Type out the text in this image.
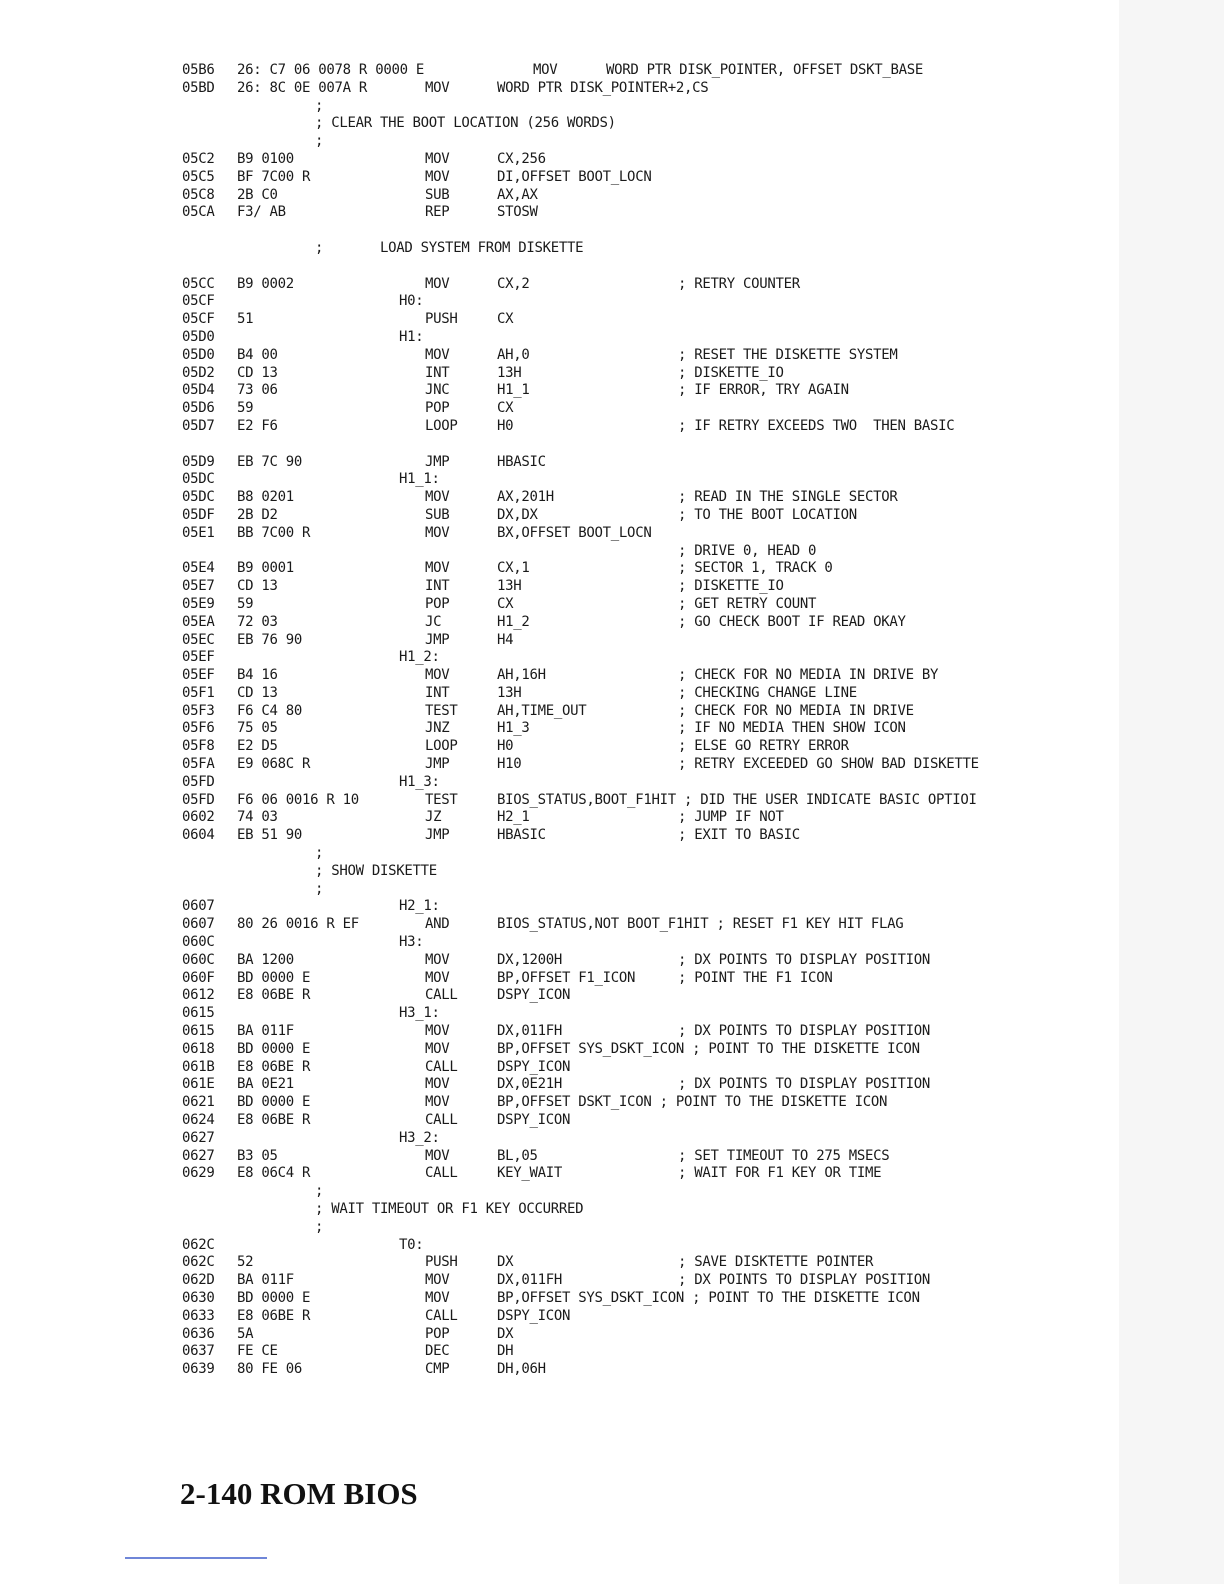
05B6 26: C7 06 0078 R 0000 E	MOV	WORD PTR DISK_POINTER, OFFSET DSKT_BASE
05BD 26: 8C 0E 007A R	MOV	WORD PTR DISK_POINTER+2,CS
;
; CLEAR THE BOOT LOCATION (256 WORDS)
;
05C2 B9 0100	MOV	CX,256
05C5 BF 7C00 R	MOV	DI,OFFSET BOOT_LOCN
05C8 2B C0	SUB	AX,AX
05CA F3/ AB	REP	STOSW
;       LOAD SYSTEM FROM DISKETTE
05CC B9 0002	MOV	CX,2	; RETRY COUNTER
05CF	H0:
05CF 51	PUSH	CX
05D0	H1:
05D0 B4 00	MOV	AH,0	; RESET THE DISKETTE SYSTEM
05D2 CD 13	INT	13H	; DISKETTE_IO
05D4 73 06	JNC	H1_1	; IF ERROR, TRY AGAIN
05D6 59	POP	CX
05D7 E2 F6	LOOP	H0	; IF RETRY EXCEEDS TWO  THEN BASIC
05D9 EB 7C 90	JMP	HBASIC
05DC	H1_1:
05DC B8 0201	MOV	AX,201H	; READ IN THE SINGLE SECTOR
05DF 2B D2	SUB	DX,DX	; TO THE BOOT LOCATION
05E1 BB 7C00 R	MOV	BX,OFFSET BOOT_LOCN
; DRIVE 0, HEAD 0
05E4 B9 0001	MOV	CX,1	; SECTOR 1, TRACK 0
05E7 CD 13	INT	13H	; DISKETTE_IO
05E9 59	POP	CX	; GET RETRY COUNT
05EA 72 03	JC	H1_2	; GO CHECK BOOT IF READ OKAY
05EC EB 76 90	JMP	H4
05EF	H1_2:
05EF B4 16	MOV	AH,16H	; CHECK FOR NO MEDIA IN DRIVE BY
05F1 CD 13	INT	13H	; CHECKING CHANGE LINE
05F3 F6 C4 80	TEST	AH,TIME_OUT	; CHECK FOR NO MEDIA IN DRIVE
05F6 75 05	JNZ	H1_3	; IF NO MEDIA THEN SHOW ICON
05F8 E2 D5	LOOP	H0	; ELSE GO RETRY ERROR
05FA E9 068C R	JMP	H10	; RETRY EXCEEDED GO SHOW BAD DISKETTE
05FD	H1_3:
05FD F6 06 0016 R 10	TEST	BIOS_STATUS,BOOT_F1HIT ; DID THE USER INDICATE BASIC OPTIOI
0602 74 03	JZ	H2_1	; JUMP IF NOT
0604 EB 51 90	JMP	HBASIC	; EXIT TO BASIC
;
; SHOW DISKETTE
;
0607	H2_1:
0607 80 26 0016 R EF	AND	BIOS_STATUS,NOT BOOT_F1HIT ; RESET F1 KEY HIT FLAG
060C	H3:
060C BA 1200	MOV	DX,1200H	; DX POINTS TO DISPLAY POSITION
060F BD 0000 E	MOV	BP,OFFSET F1_ICON	; POINT THE F1 ICON
0612 E8 06BE R	CALL	DSPY_ICON
0615	H3_1:
0615 BA 011F	MOV	DX,011FH	; DX POINTS TO DISPLAY POSITION
0618 BD 0000 E	MOV	BP,OFFSET SYS_DSKT_ICON ; POINT TO THE DISKETTE ICON
061B E8 06BE R	CALL	DSPY_ICON
061E BA 0E21	MOV	DX,0E21H	; DX POINTS TO DISPLAY POSITION
0621 BD 0000 E	MOV	BP,OFFSET DSKT_ICON ; POINT TO THE DISKETTE ICON
0624 E8 06BE R	CALL	DSPY_ICON
0627	H3_2:
0627 B3 05	MOV	BL,05	; SET TIMEOUT TO 275 MSECS
0629 E8 06C4 R	CALL	KEY_WAIT	; WAIT FOR F1 KEY OR TIME
;
; WAIT TIMEOUT OR F1 KEY OCCURRED
;
062C	T0:
062C 52	PUSH	DX	; SAVE DISKTETTE POINTER
062D BA 011F	MOV	DX,011FH	; DX POINTS TO DISPLAY POSITION
0630 BD 0000 E	MOV	BP,OFFSET SYS_DSKT_ICON ; POINT TO THE DISKETTE ICON
0633 E8 06BE R	CALL	DSPY_ICON
0636 5A	POP	DX
0637 FE CE	DEC	DH
0639 80 FE 06	CMP	DH,06H
2-140 ROM BIOS
